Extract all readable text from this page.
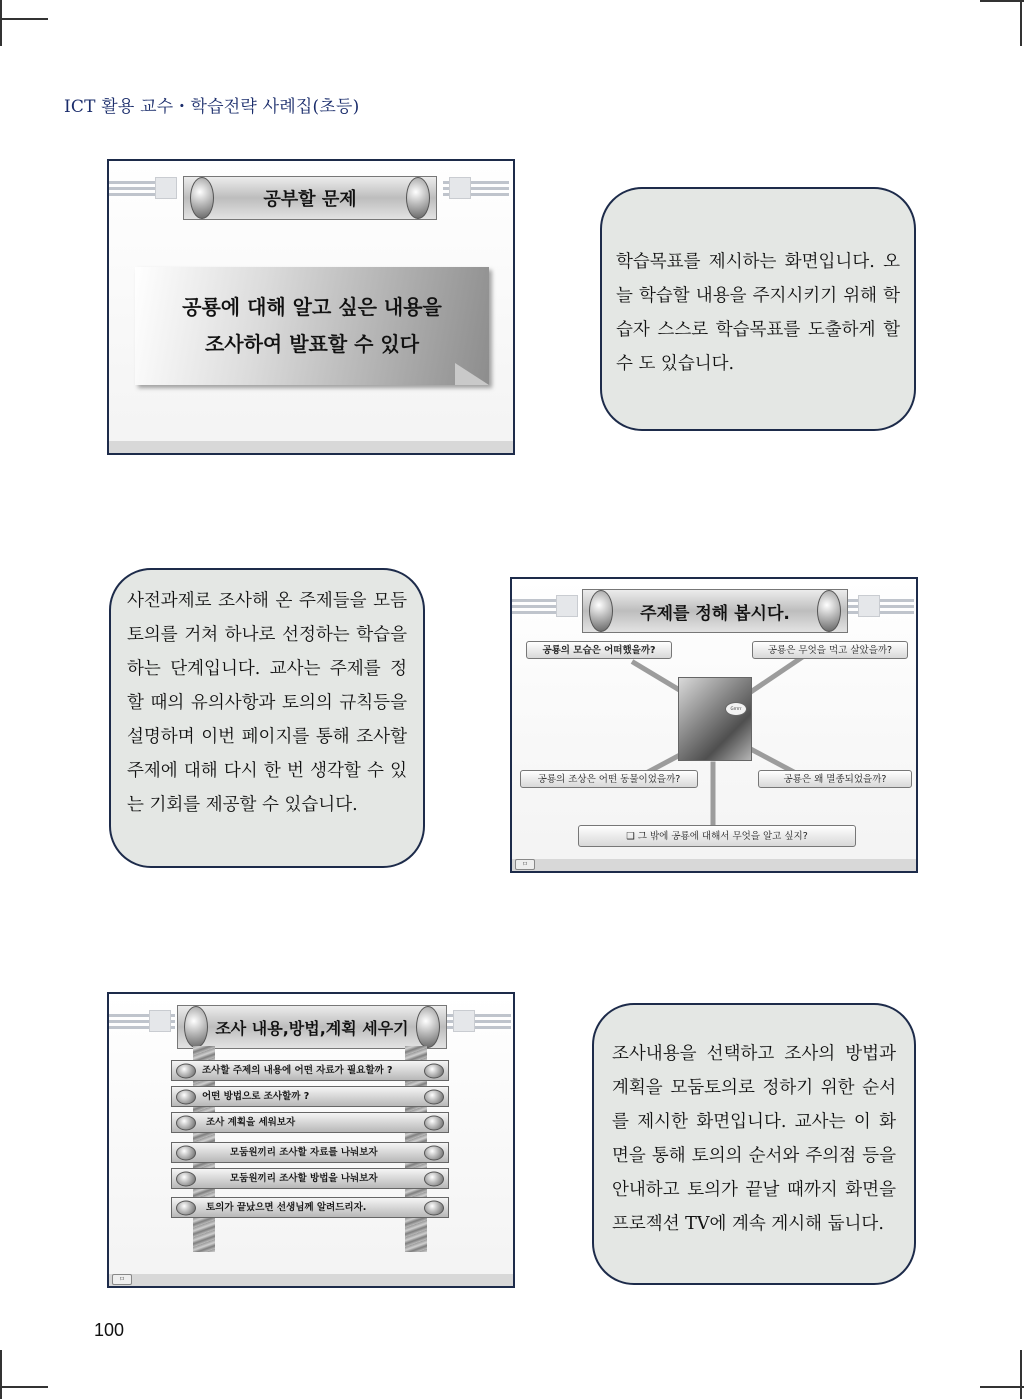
ICT 활용 교수・학습전략 사례집(초등)
공부할 문제
공룡에 대해 알고 싶은 내용을
조사하여 발표할 수 있다

학습목표를 제시하는 화면입니다. 오늘 학습할 내용을 주지시키기 위해 학습자 스스로 학습목표를 도출하게 할 수 도 있습니다.

사전과제로 조사해 온 주제들을 모듬토의를 거쳐 하나로 선정하는 학습을 하는 단계입니다. 교사는 주제를 정할 때의 유의사항과 토의의 규칙등을 설명하며 이번 페이지를 통해 조사할 주제에 대해 다시 한 번 생각할 수 있는 기회를 제공할 수 있습니다.

주제를 정해 봅시다.
Grrrrr
공룡의 모습은 어떠했을까?	공룡은 무엇을 먹고 살았을까?
공룡의 조상은 어떤 동물이었을까?	공룡은 왜 멸종되었을까?
❑ 그 밖에 공룡에 대해서 무엇을 알고 싶지?
ㅁ
조사 내용,방법,계획 세우기
조사할 주제의 내용에 어떤 자료가 필요할까 ?
어떤 방법으로 조사할까 ?
조사 계획을 세워보자
모둠원끼리 조사할 자료를 나눠보자
모둠원끼리 조사할 방법을 나눠보자
토의가 끝났으면 선생님께 알려드리자.
ㅁ

조사내용을 선택하고 조사의 방법과 계획을 모둠토의로 정하기 위한 순서를 제시한 화면입니다. 교사는 이 화면을 통해 토의의 순서와 주의점 등을 안내하고 토의가 끝날 때까지 화면을 프로젝션 TV에 계속 게시해 둡니다.

100
